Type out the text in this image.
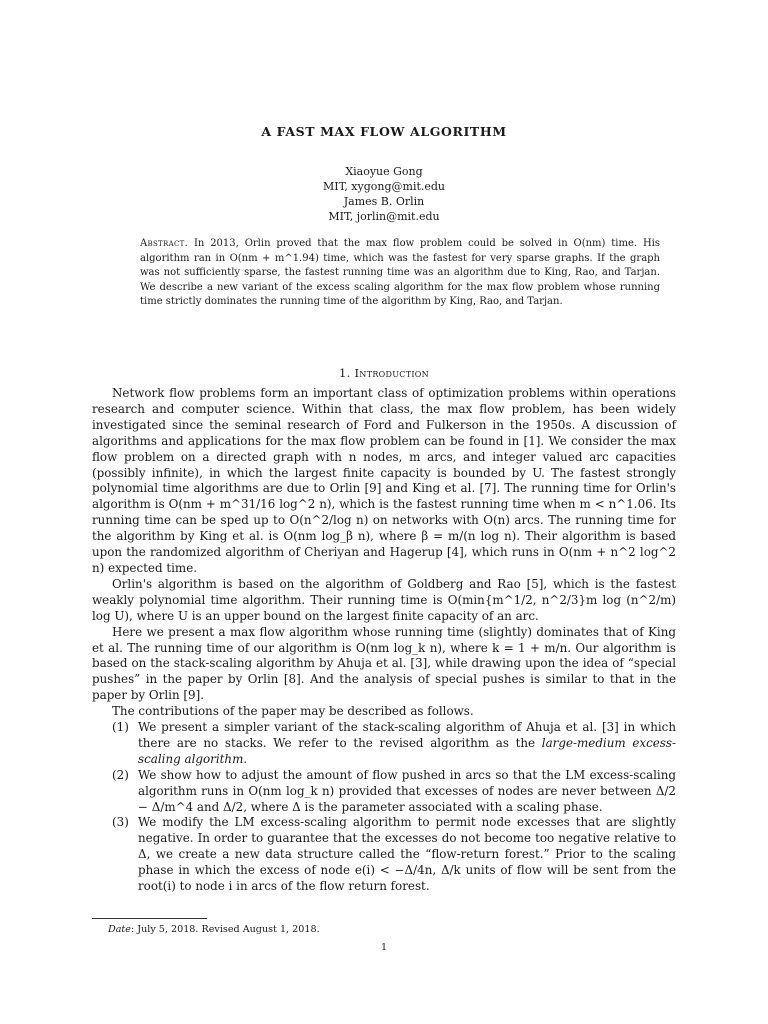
A FAST MAX FLOW ALGORITHM
Xiaoyue Gong
MIT, xygong@mit.edu
James B. Orlin
MIT, jorlin@mit.edu
Abstract. In 2013, Orlin proved that the max flow problem could be solved in O(nm) time. His algorithm ran in O(nm + m^1.94) time, which was the fastest for very sparse graphs. If the graph was not sufficiently sparse, the fastest running time was an algorithm due to King, Rao, and Tarjan. We describe a new variant of the excess scaling algorithm for the max flow problem whose running time strictly dominates the running time of the algorithm by King, Rao, and Tarjan.
1. Introduction

Network flow problems form an important class of optimization problems within operations research and computer science. Within that class, the max flow problem, has been widely investigated since the seminal research of Ford and Fulkerson in the 1950s. A discussion of algorithms and applications for the max flow problem can be found in [1]. We consider the max flow problem on a directed graph with n nodes, m arcs, and integer valued arc capacities (possibly infinite), in which the largest finite capacity is bounded by U. The fastest strongly polynomial time algorithms are due to Orlin [9] and King et al. [7]. The running time for Orlin's algorithm is O(nm + m^31/16 log^2 n), which is the fastest running time when m < n^1.06. Its running time can be sped up to O(n^2/log n) on networks with O(n) arcs. The running time for the algorithm by King et al. is O(nm log_β n), where β = m/(n log n). Their algorithm is based upon the randomized algorithm of Cheriyan and Hagerup [4], which runs in O(nm + n^2 log^2 n) expected time.

Orlin's algorithm is based on the algorithm of Goldberg and Rao [5], which is the fastest weakly polynomial time algorithm. Their running time is O(min{m^1/2, n^2/3}m log (n^2/m) log U), where U is an upper bound on the largest finite capacity of an arc.

Here we present a max flow algorithm whose running time (slightly) dominates that of King et al. The running time of our algorithm is O(nm log_k n), where k = 1 + m/n. Our algorithm is based on the stack-scaling algorithm by Ahuja et al. [3], while drawing upon the idea of “special pushes” in the paper by Orlin [8]. And the analysis of special pushes is similar to that in the paper by Orlin [9].

The contributions of the paper may be described as follows.

(1) We present a simpler variant of the stack-scaling algorithm of Ahuja et al. [3] in which there are no stacks. We refer to the revised algorithm as the large-medium excess-scaling algorithm.
(2) We show how to adjust the amount of flow pushed in arcs so that the LM excess-scaling algorithm runs in O(nm log_k n) provided that excesses of nodes are never between Δ/2 − Δ/m^4 and Δ/2, where Δ is the parameter associated with a scaling phase.
(3) We modify the LM excess-scaling algorithm to permit node excesses that are slightly negative. In order to guarantee that the excesses do not become too negative relative to Δ, we create a new data structure called the “flow-return forest.” Prior to the scaling phase in which the excess of node e(i) < −Δ/4n, Δ/k units of flow will be sent from the root(i) to node i in arcs of the flow return forest.
Date: July 5, 2018. Revised August 1, 2018.
1
